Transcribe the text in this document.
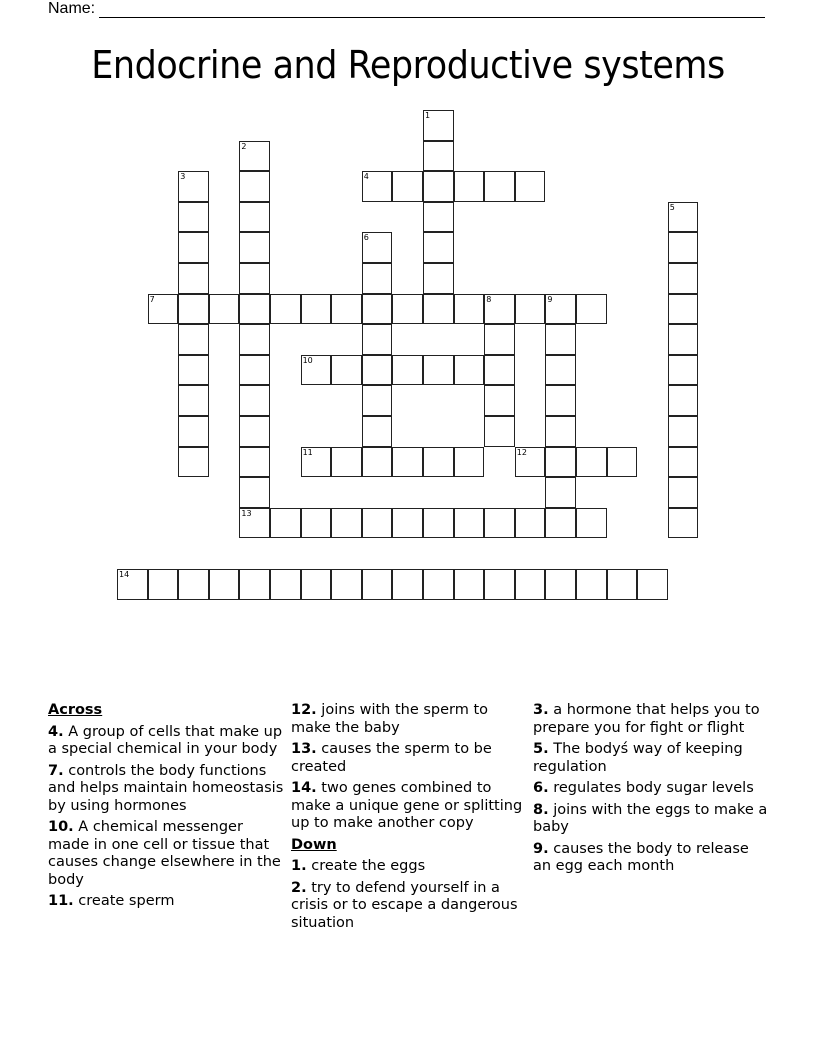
Name:
Endocrine and Reproductive systems
1
2
13
3	4
5
6
7	8	9
10
11	12
14
Across
4. A group of cells that make up a special chemical in your body
7. controls the body functions and helps maintain homeostasis by using hormones
10. A chemical messenger made in one cell or tissue that causes change elsewhere in the body
11. create sperm
12. joins with the sperm to make the baby
13. causes the sperm to be created
14. two genes combined to make a unique gene or splitting up to make another copy
Down
1. create the eggs
2. try to defend yourself in a crisis or to escape a dangerous situation
3. a hormone that helps you to prepare you for fight or flight
5. The bodyś way of keeping regulation
6. regulates body sugar levels
8. joins with the eggs to make a baby
9. causes the body to release an egg each month
